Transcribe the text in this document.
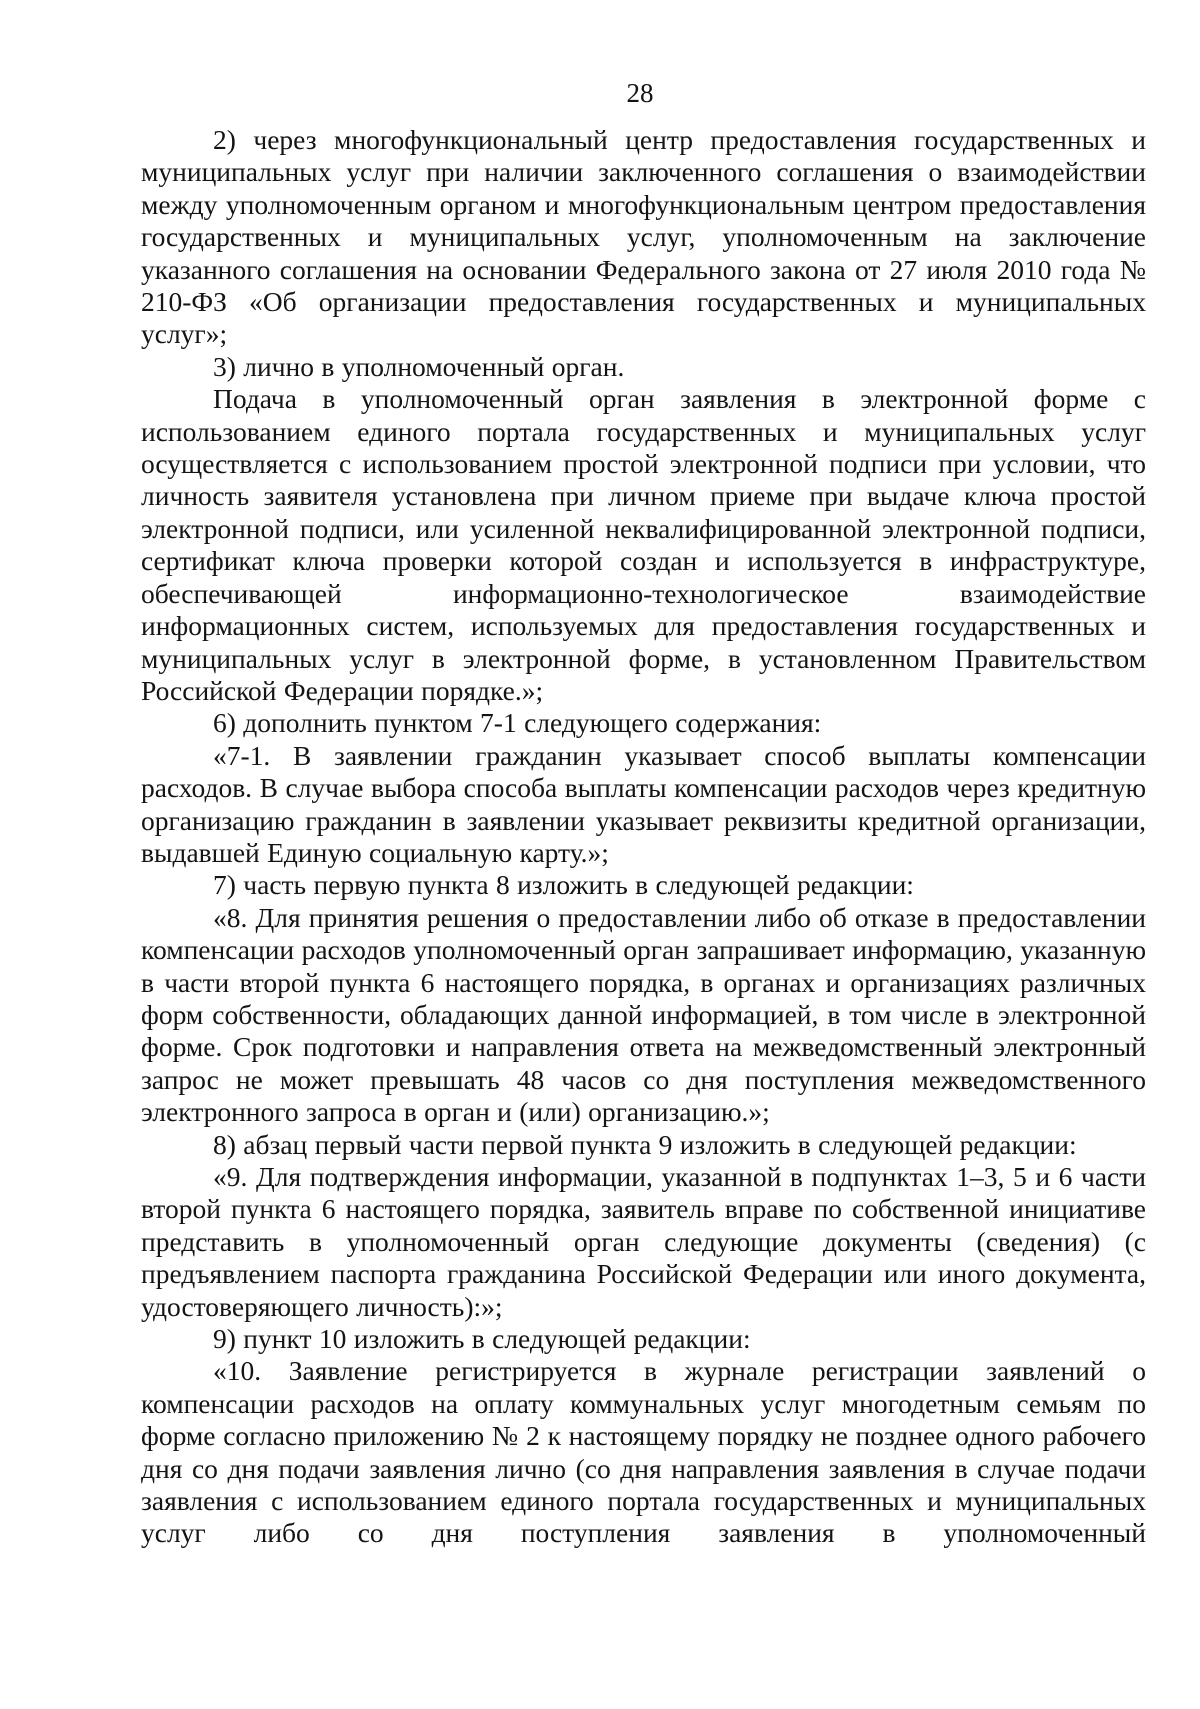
28

2) через многофункциональный центр предоставления государственных и муниципальных услуг при наличии заключенного соглашения о взаимодействии между уполномоченным органом и многофункциональным центром предоставления государственных и муниципальных услуг, уполномоченным на заключение указанного соглашения на основании Федерального закона от 27 июля 2010 года № 210-ФЗ «Об организации предоставления государственных и муниципальных услуг»;

3) лично в уполномоченный орган.

Подача в уполномоченный орган заявления в электронной форме с использованием единого портала государственных и муниципальных услуг осуществляется с использованием простой электронной подписи при условии, что личность заявителя установлена при личном приеме при выдаче ключа простой электронной подписи, или усиленной неквалифицированной электронной подписи, сертификат ключа проверки которой создан и используется в инфраструктуре, обеспечивающей информационно-технологическое взаимодействие информационных систем, используемых для предоставления государственных и муниципальных услуг в электронной форме, в установленном Правительством Российской Федерации порядке.»;

6) дополнить пунктом 7-1 следующего содержания:

«7-1. В заявлении гражданин указывает способ выплаты компенсации расходов. В случае выбора способа выплаты компенсации расходов через кредитную организацию гражданин в заявлении указывает реквизиты кредитной организации, выдавшей Единую социальную карту.»;

7) часть первую пункта 8 изложить в следующей редакции:

«8. Для принятия решения о предоставлении либо об отказе в предоставлении компенсации расходов уполномоченный орган запрашивает информацию, указанную в части второй пункта 6 настоящего порядка, в органах и организациях различных форм собственности, обладающих данной информацией, в том числе в электронной форме. Срок подготовки и направления ответа на межведомственный электронный запрос не может превышать 48 часов со дня поступления межведомственного электронного запроса в орган и (или) организацию.»;

8) абзац первый части первой пункта 9 изложить в следующей редакции:

«9. Для подтверждения информации, указанной в подпунктах 1–3, 5 и 6 части второй пункта 6 настоящего порядка, заявитель вправе по собственной инициативе представить в уполномоченный орган следующие документы (сведения) (с предъявлением паспорта гражданина Российской Федерации или иного документа, удостоверяющего личность):»;

9) пункт 10 изложить в следующей редакции:

«10. Заявление регистрируется в журнале регистрации заявлений о компенсации расходов на оплату коммунальных услуг многодетным семьям по форме согласно приложению № 2 к настоящему порядку не позднее одного рабочего дня со дня подачи заявления лично (со дня направления заявления в случае подачи заявления с использованием единого портала государственных и муниципальных услуг либо со дня поступления заявления в уполномоченный
